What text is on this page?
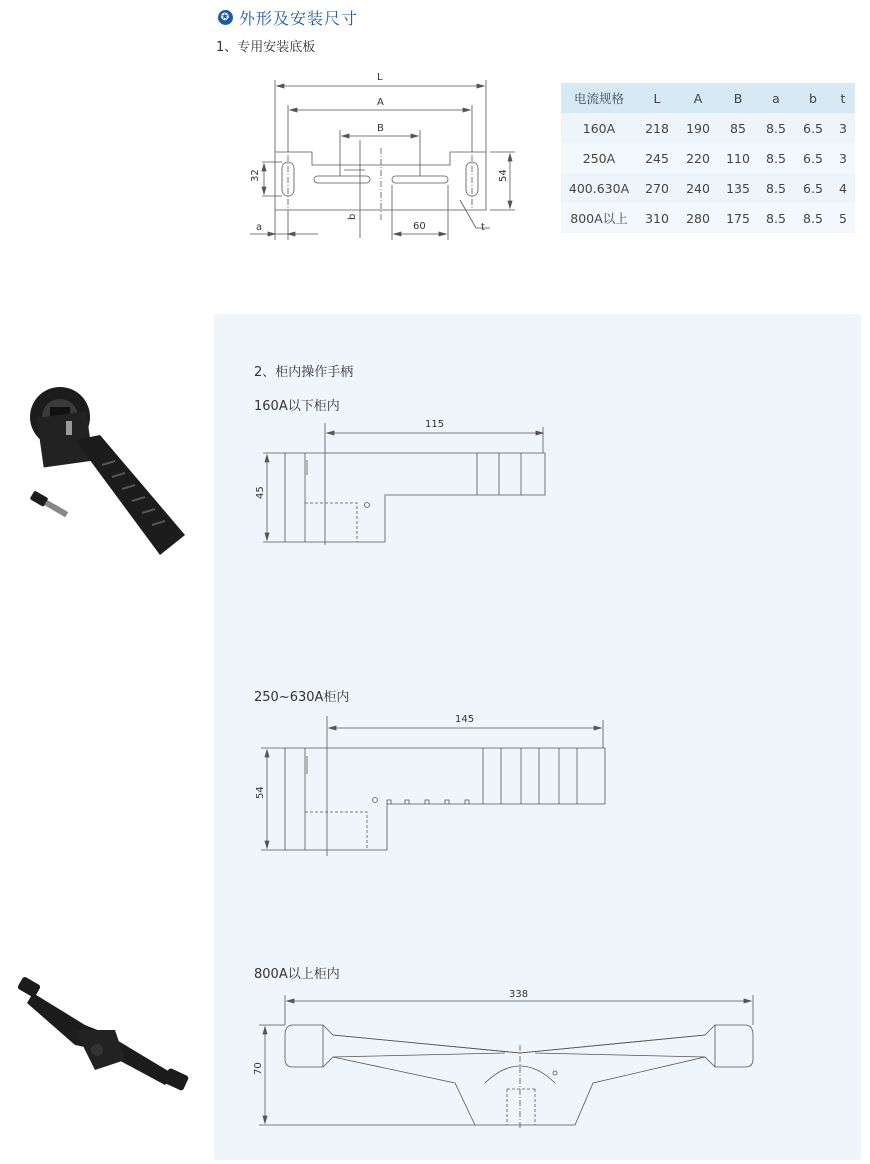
✪ 外形及安装尺寸
1、专用安装底板
L
A
B
32	54
a
b
60	t
电流规格	L	A	B	a	b	t
160A	218	190	85	8.5	6.5	3
250A	245	220	110	8.5	6.5	3
400.630A	270	240	135	8.5	6.5	4
800A以上	310	280	175	8.5	8.5	5
2、柜内操作手柄
160A以下柜内
250~630A柜内
800A以上柜内
115
45
145
54
338
70
